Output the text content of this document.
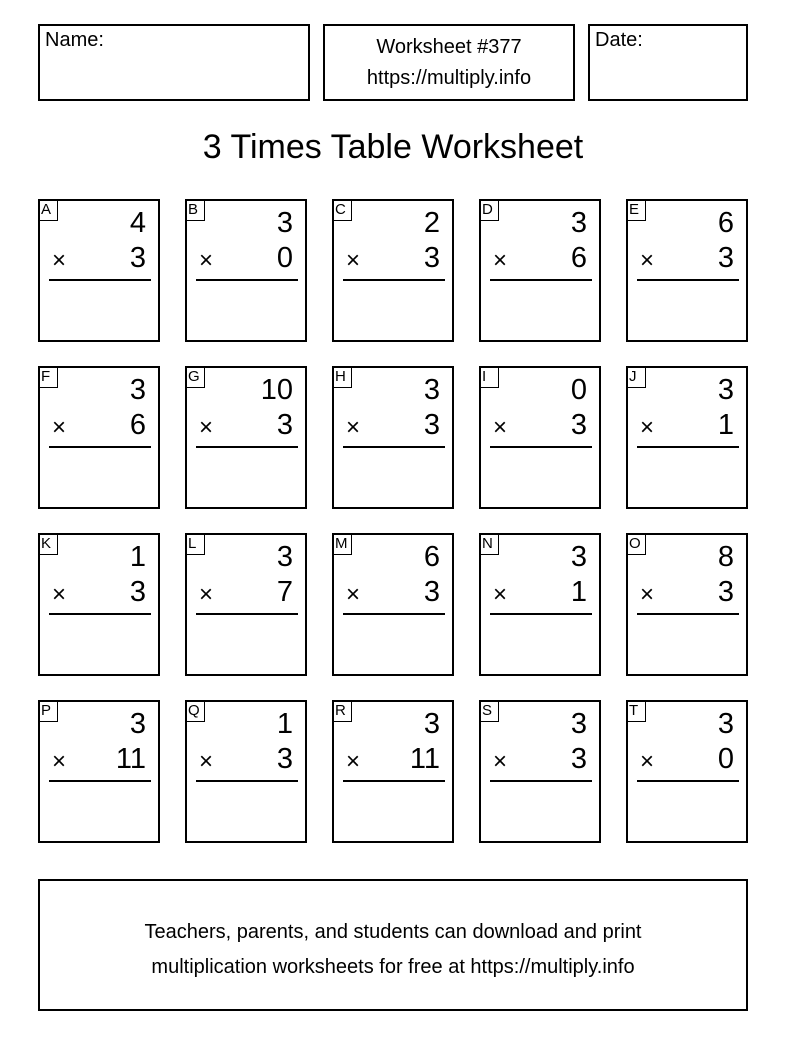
Name:	Worksheet #377
https://multiply.info
Date:
3 Times Table Worksheet
A	4
× 3
B	3
× 0
C	2
× 3
D	3
× 6
E	6
× 3
F	3
× 6
G 10
× 3
H	3
× 3
I	0
× 3
J	3
× 1
K	1
× 3
L	3
× 7
M	6
× 3
N	3
× 1
O	8
× 3
P	3
× 11
Q	1
× 3
R	3
× 11
S	3
× 3
T	3
× 0
Teachers, parents, and students can download and print
multiplication worksheets for free at https://multiply.info
